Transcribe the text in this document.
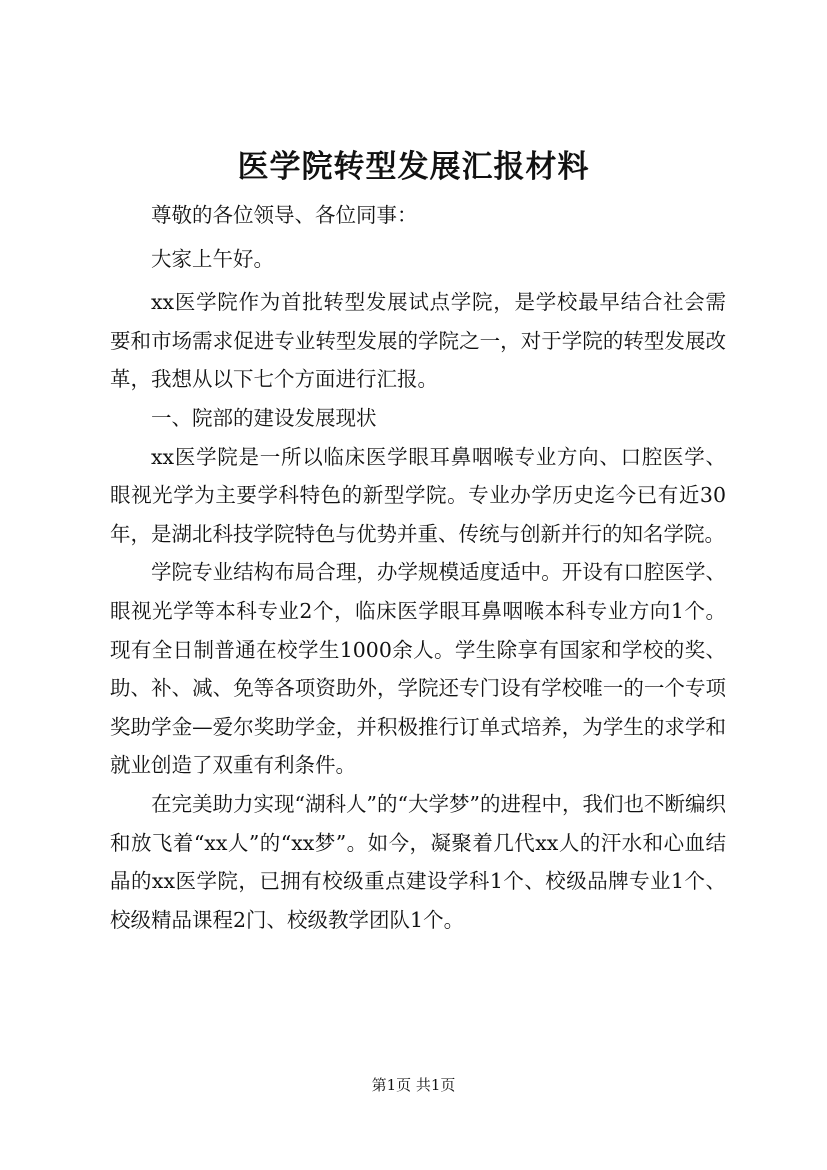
医学院转型发展汇报材料

尊敬的各位领导、各位同事：

大家上午好。

xx医学院作为首批转型发展试点学院，是学校最早结合社会需要和市场需求促进专业转型发展的学院之一，对于学院的转型发展改革，我想从以下七个方面进行汇报。

一、院部的建设发展现状

xx医学院是一所以临床医学眼耳鼻咽喉专业方向、口腔医学、眼视光学为主要学科特色的新型学院。专业办学历史迄今已有近30年，是湖北科技学院特色与优势并重、传统与创新并行的知名学院。

学院专业结构布局合理，办学规模适度适中。开设有口腔医学、眼视光学等本科专业2个，临床医学眼耳鼻咽喉本科专业方向1个。现有全日制普通在校学生1000余人。学生除享有国家和学校的奖、助、补、减、免等各项资助外，学院还专门设有学校唯一的一个专项奖助学金—爱尔奖助学金，并积极推行订单式培养，为学生的求学和就业创造了双重有利条件。

在完美助力实现“湖科人”的“大学梦”的进程中，我们也不断编织和放飞着“xx人”的“xx梦”。如今，凝聚着几代xx人的汗水和心血结晶的xx医学院，已拥有校级重点建设学科1个、校级品牌专业1个、校级精品课程2门、校级教学团队1个。

第1页 共1页
